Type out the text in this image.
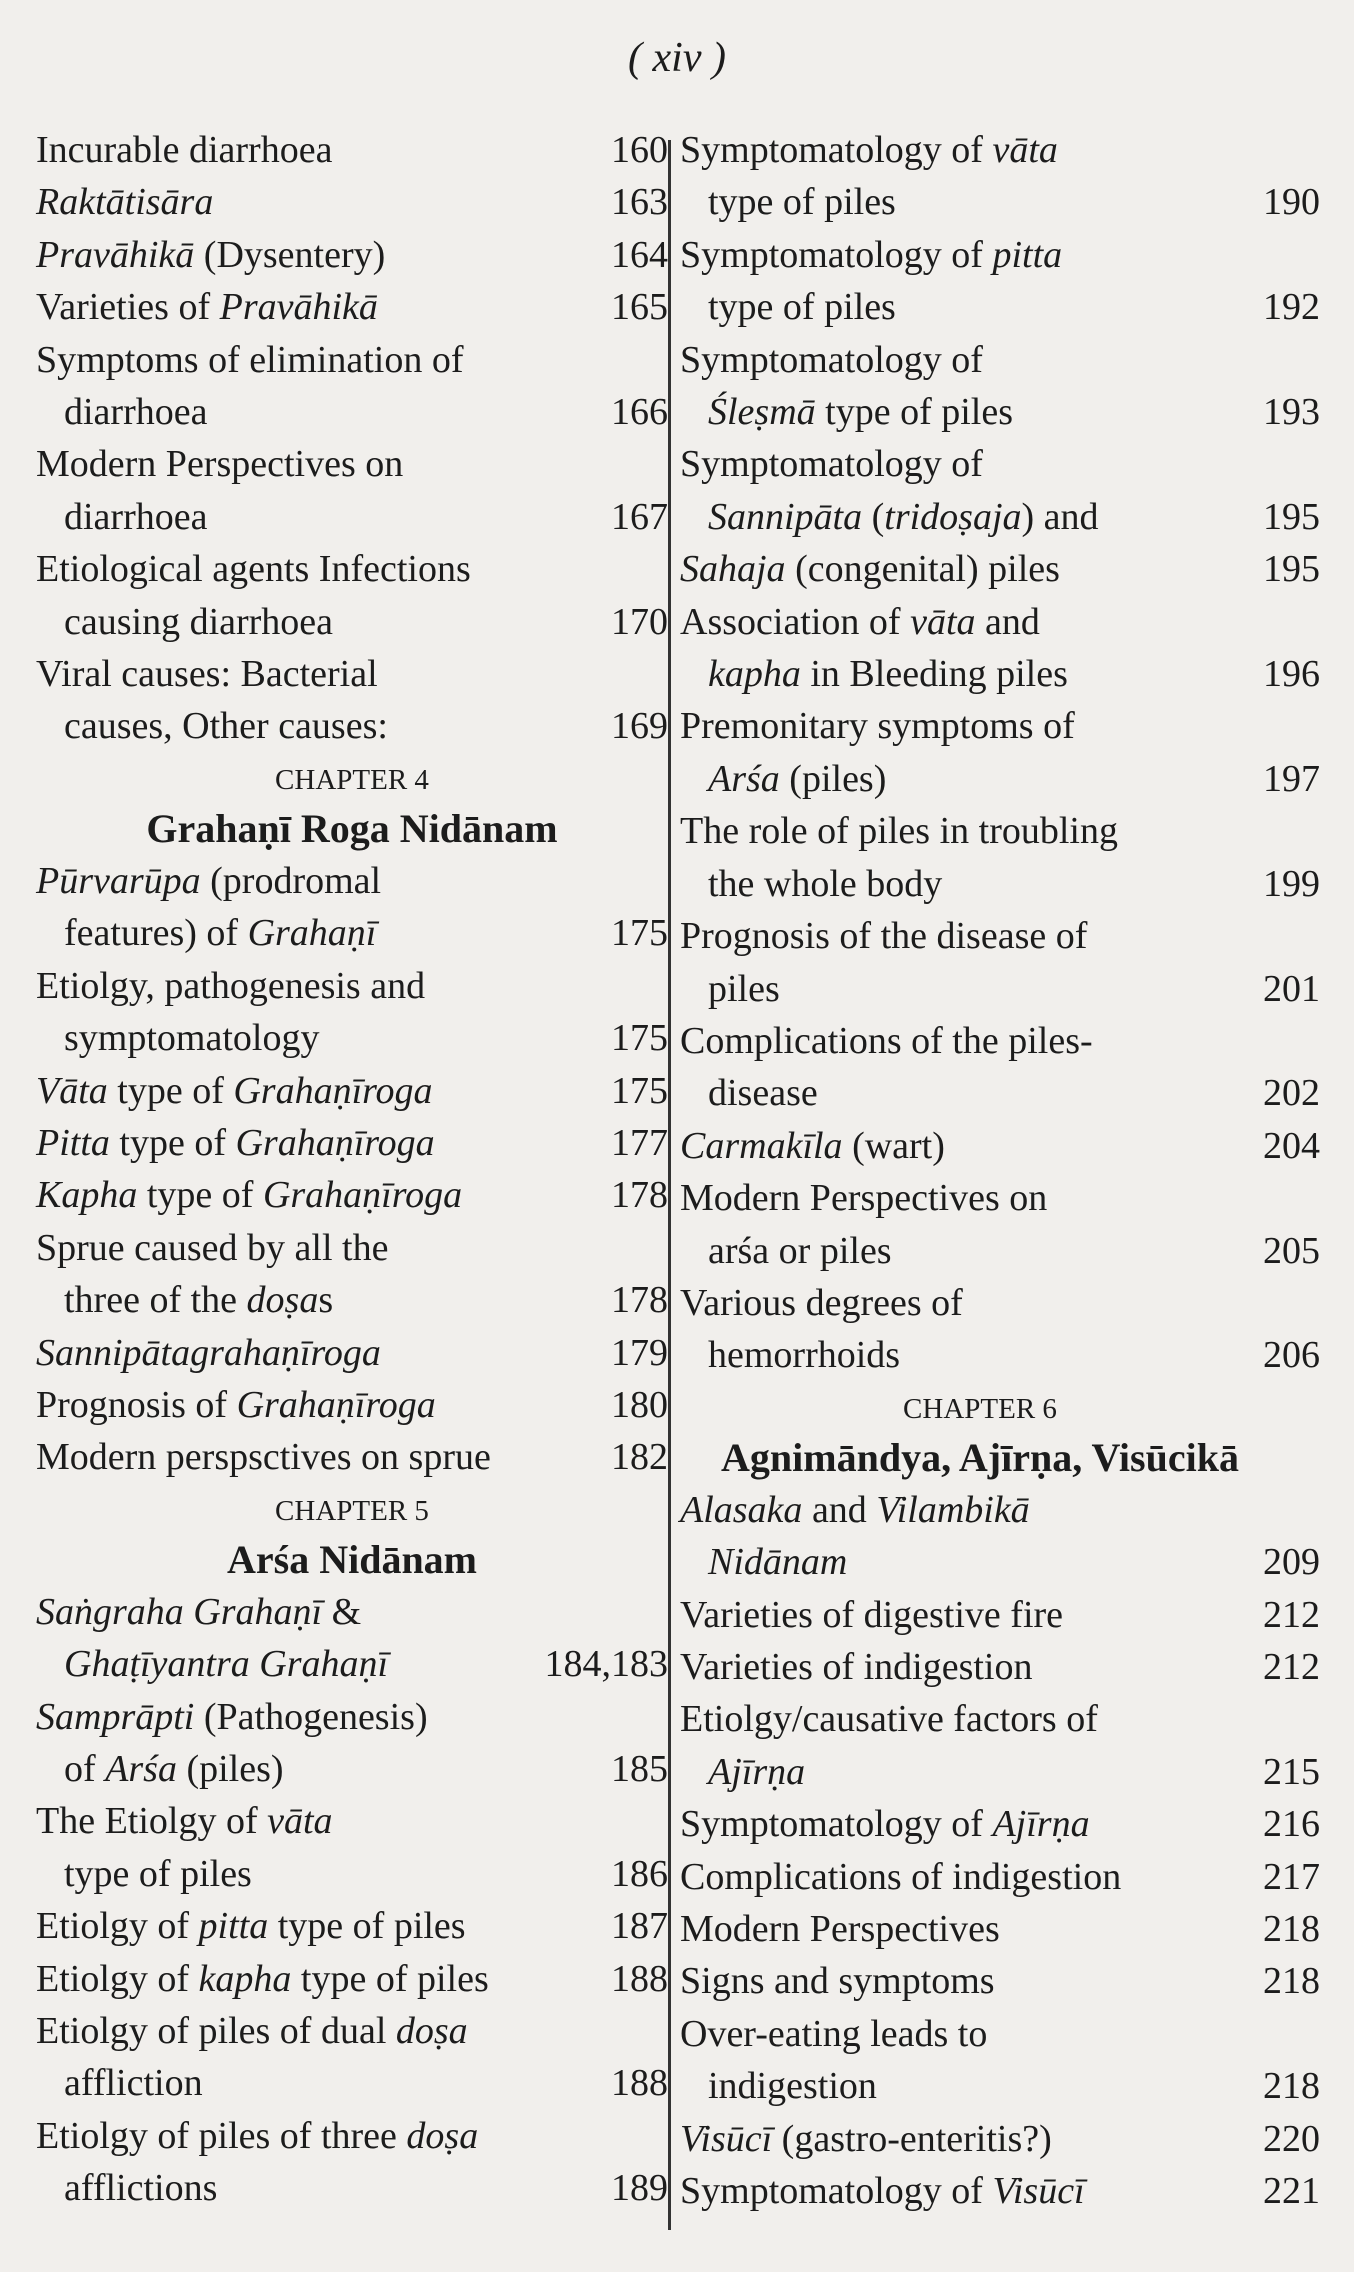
( xiv )
Incurable diarrhoea	160
Raktātisāra	163
Pravāhikā (Dysentery)	164
Varieties of Pravāhikā	165
Symptoms of elimination of
diarrhoea	166
Modern Perspectives on
diarrhoea	167
Etiological agents Infections
causing diarrhoea	170
Viral causes: Bacterial
causes, Other causes:	169
CHAPTER 4
Grahaṇī Roga Nidānam
Pūrvarūpa (prodromal
features) of Grahaṇī	175
Etiolgy, pathogenesis and
symptomatology	175
Vāta type of Grahaṇīroga	175
Pitta type of Grahaṇīroga	177
Kapha type of Grahaṇīroga	178
Sprue caused by all the
three of the doṣas	178
Sannipātagrahaṇīroga	179
Prognosis of Grahaṇīroga	180
Modern perspsctives on sprue	182
CHAPTER 5
Arśa Nidānam
Saṅgraha Grahaṇī &
Ghaṭīyantra Grahaṇī	184,183
Samprāpti (Pathogenesis)
of Arśa (piles)	185
The Etiolgy of vāta
type of piles	186
Etiolgy of pitta type of piles	187
Etiolgy of kapha type of piles	188
Etiolgy of piles of dual doṣa
affliction	188
Etiolgy of piles of three doṣa
afflictions	189
Symptomatology of vāta
type of piles	190
Symptomatology of pitta
type of piles	192
Symptomatology of
Śleṣmā type of piles	193
Symptomatology of
Sannipāta (tridoṣaja) and	195
Sahaja (congenital) piles	195
Association of vāta and
kapha in Bleeding piles	196
Premonitary symptoms of
Arśa (piles)	197
The role of piles in troubling
the whole body	199
Prognosis of the disease of
piles	201
Complications of the piles-
disease	202
Carmakīla (wart)	204
Modern Perspectives on
arśa or piles	205
Various degrees of
hemorrhoids	206
CHAPTER 6
Agnimāndya, Ajīrṇa, Visūcikā
Alasaka and Vilambikā
Nidānam	209
Varieties of digestive fire	212
Varieties of indigestion	212
Etiolgy/causative factors of
Ajīrṇa	215
Symptomatology of Ajīrṇa	216
Complications of indigestion	217
Modern Perspectives	218
Signs and symptoms	218
Over-eating leads to
indigestion	218
Visūcī (gastro-enteritis?)	220
Symptomatology of Visūcī	221
